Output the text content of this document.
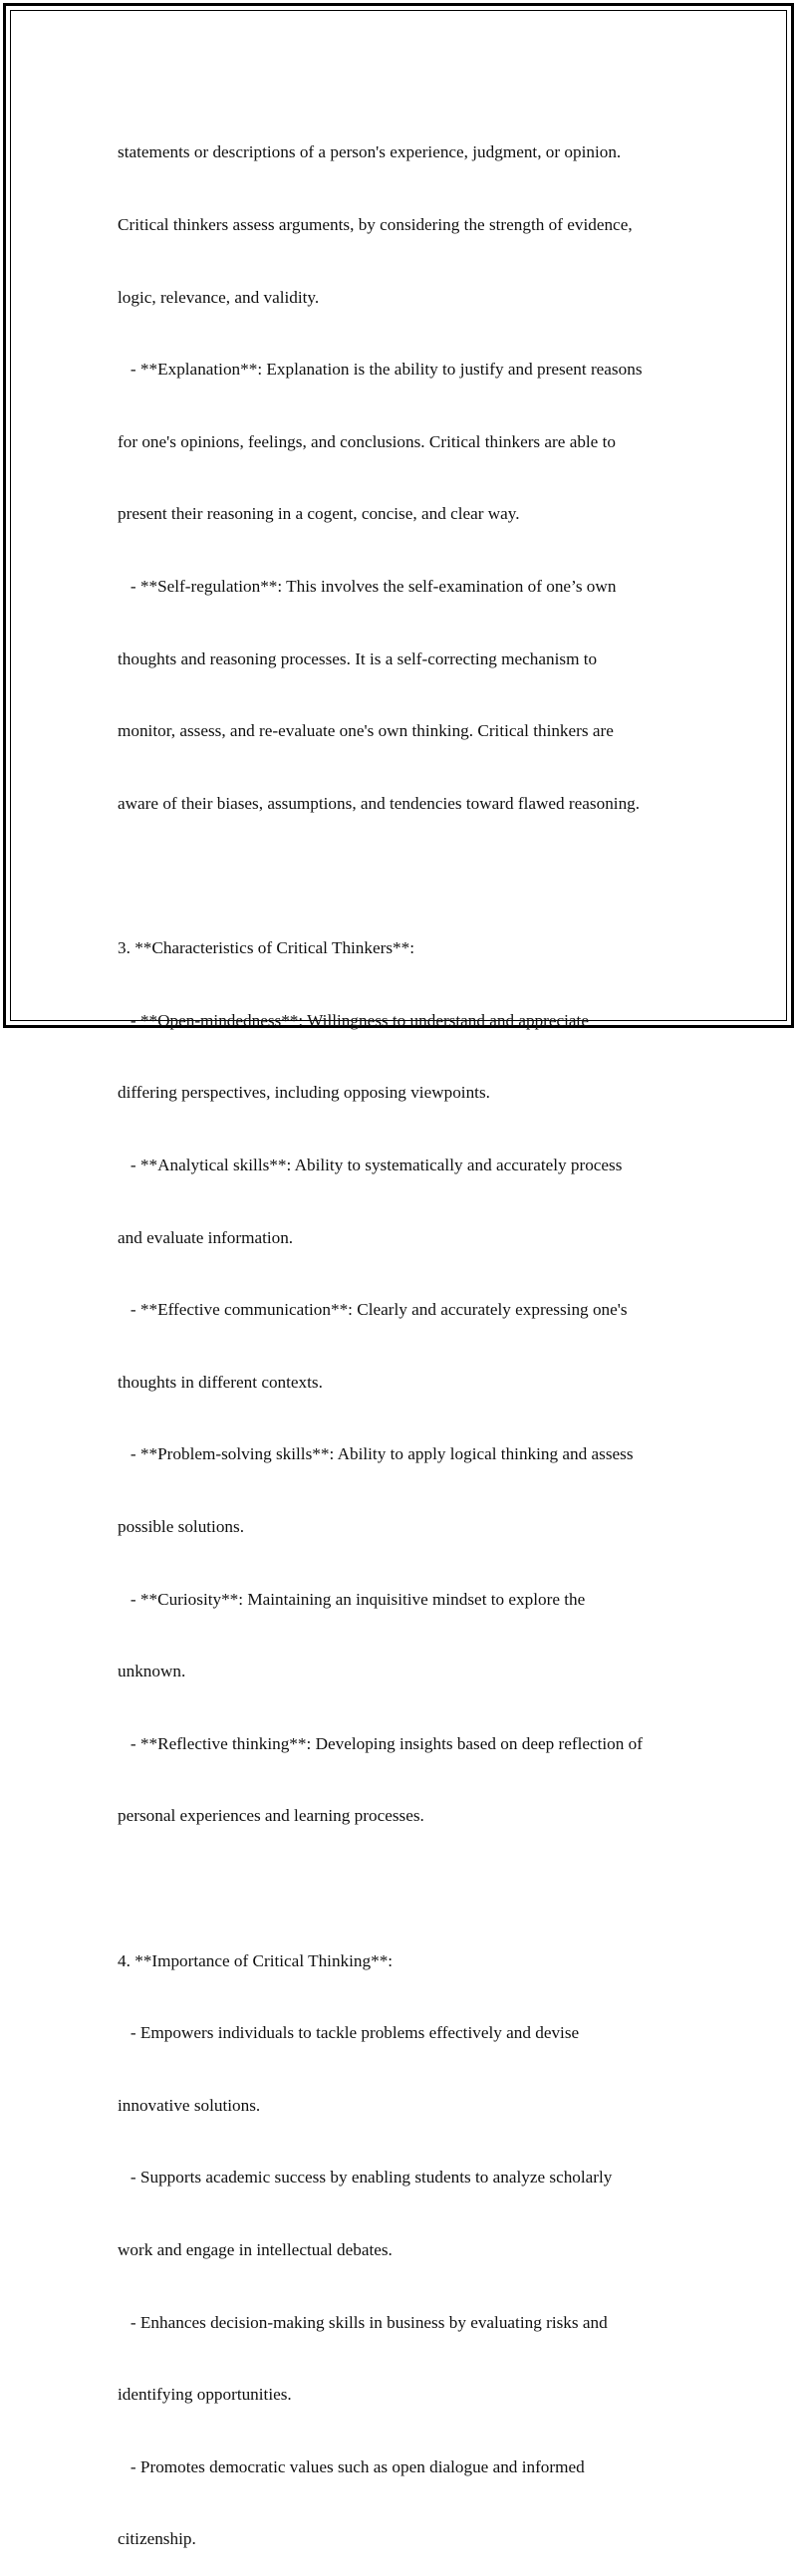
statements or descriptions of a person's experience, judgment, or opinion.

Critical thinkers assess arguments, by considering the strength of evidence,

logic, relevance, and validity.

- **Explanation**: Explanation is the ability to justify and present reasons

for one's opinions, feelings, and conclusions. Critical thinkers are able to

present their reasoning in a cogent, concise, and clear way.

- **Self-regulation**: This involves the self-examination of one’s own

thoughts and reasoning processes. It is a self-correcting mechanism to

monitor, assess, and re-evaluate one's own thinking. Critical thinkers are

aware of their biases, assumptions, and tendencies toward flawed reasoning.

3. **Characteristics of Critical Thinkers**:

- **Open-mindedness**: Willingness to understand and appreciate

differing perspectives, including opposing viewpoints.

- **Analytical skills**: Ability to systematically and accurately process

and evaluate information.

- **Effective communication**: Clearly and accurately expressing one's

thoughts in different contexts.

- **Problem-solving skills**: Ability to apply logical thinking and assess

possible solutions.

- **Curiosity**: Maintaining an inquisitive mindset to explore the

unknown.

- **Reflective thinking**: Developing insights based on deep reflection of

personal experiences and learning processes.

4. **Importance of Critical Thinking**:

- Empowers individuals to tackle problems effectively and devise

innovative solutions.

- Supports academic success by enabling students to analyze scholarly

work and engage in intellectual debates.

- Enhances decision-making skills in business by evaluating risks and

identifying opportunities.

- Promotes democratic values such as open dialogue and informed

citizenship.
